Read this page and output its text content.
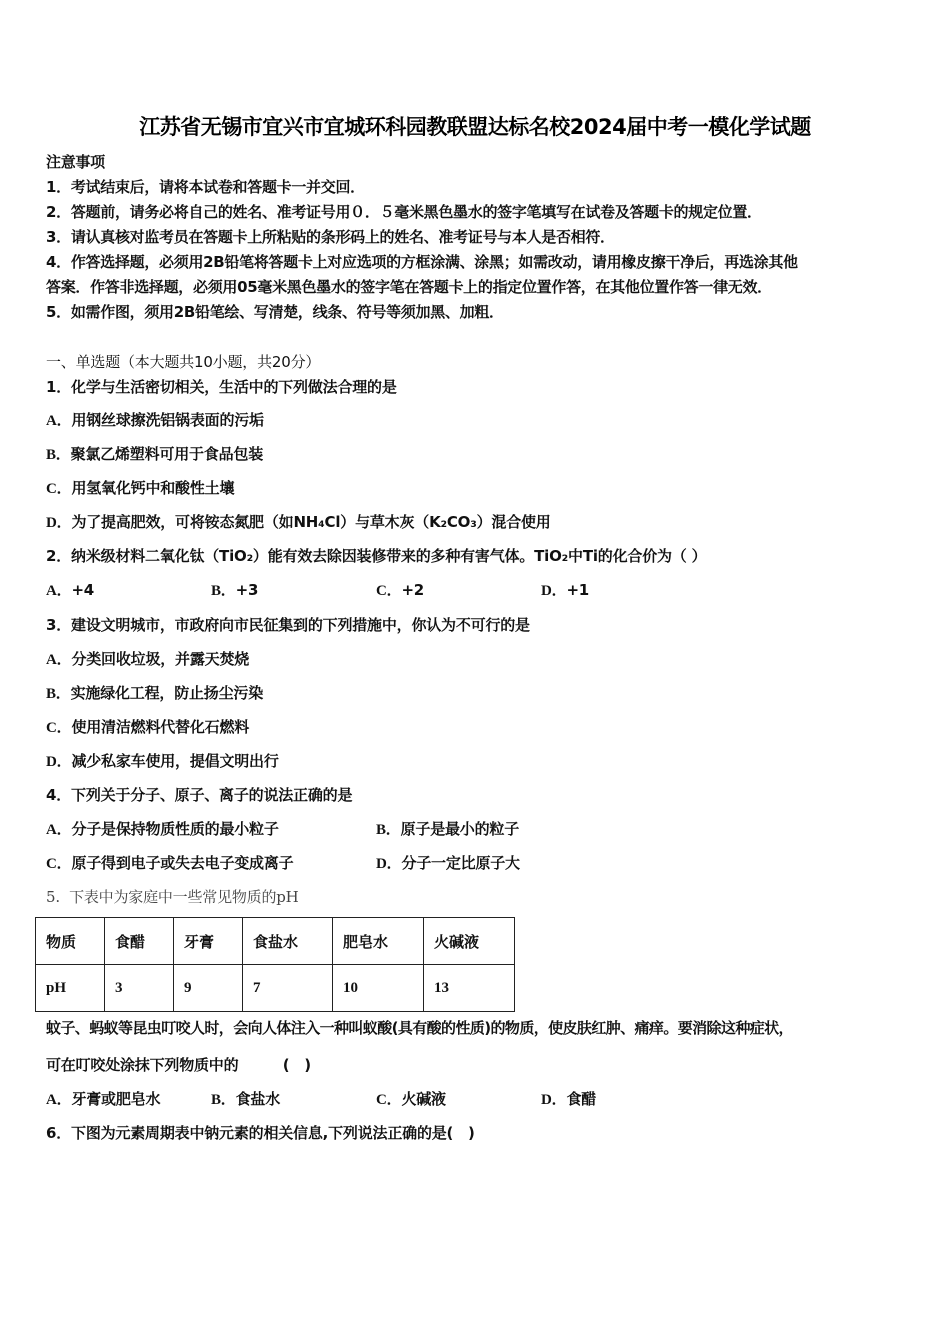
江苏省无锡市宜兴市宜城环科园教联盟达标名校2024届中考一模化学试题
注意事项
1．考试结束后，请将本试卷和答题卡一并交回．
2．答题前，请务必将自己的姓名、准考证号用０．５毫米黑色墨水的签字笔填写在试卷及答题卡的规定位置．
3．请认真核对监考员在答题卡上所粘贴的条形码上的姓名、准考证号与本人是否相符．
4．作答选择题，必须用2B铅笔将答题卡上对应选项的方框涂满、涂黑；如需改动，请用橡皮擦干净后，再选涂其他
答案．作答非选择题，必须用05毫米黑色墨水的签字笔在答题卡上的指定位置作答，在其他位置作答一律无效．
5．如需作图，须用2B铅笔绘、写清楚，线条、符号等须加黑、加粗．
一、单选题（本大题共10小题，共20分）
1．化学与生活密切相关，生活中的下列做法合理的是
A．用钢丝球擦洗铝锅表面的污垢
B．聚氯乙烯塑料可用于食品包装
C．用氢氧化钙中和酸性土壤
D．为了提高肥效，可将铵态氮肥（如NH₄Cl）与草木灰（K₂CO₃）混合使用
2．纳米级材料二氧化钛（TiO₂）能有效去除因装修带来的多种有害气体。TiO₂中Ti的化合价为（ ）
A．+4	B．+3	C．+2	D．+1
3．建设文明城市，市政府向市民征集到的下列措施中，你认为不可行的是
A．分类回收垃圾，并露天焚烧
B．实施绿化工程，防止扬尘污染
C．使用清洁燃料代替化石燃料
D．减少私家车使用，提倡文明出行
4．下列关于分子、原子、离子的说法正确的是
A．分子是保持物质性质的最小粒子	B．原子是最小的粒子
C．原子得到电子或失去电子变成离子	D．分子一定比原子大
5. 下表中为家庭中一些常见物质的pH
物质	食醋	牙膏	食盐水	肥皂水	火碱液
pH	3	9	7	10	13
蚊子、蚂蚁等昆虫叮咬人时，会向人体注入一种叫蚁酸(具有酸的性质)的物质，使皮肤红肿、痛痒。要消除这种症状，
可在叮咬处涂抹下列物质中的　　　(　)
A．牙膏或肥皂水	B．食盐水	C．火碱液	D．食醋
6．下图为元素周期表中钠元素的相关信息,下列说法正确的是(　)
